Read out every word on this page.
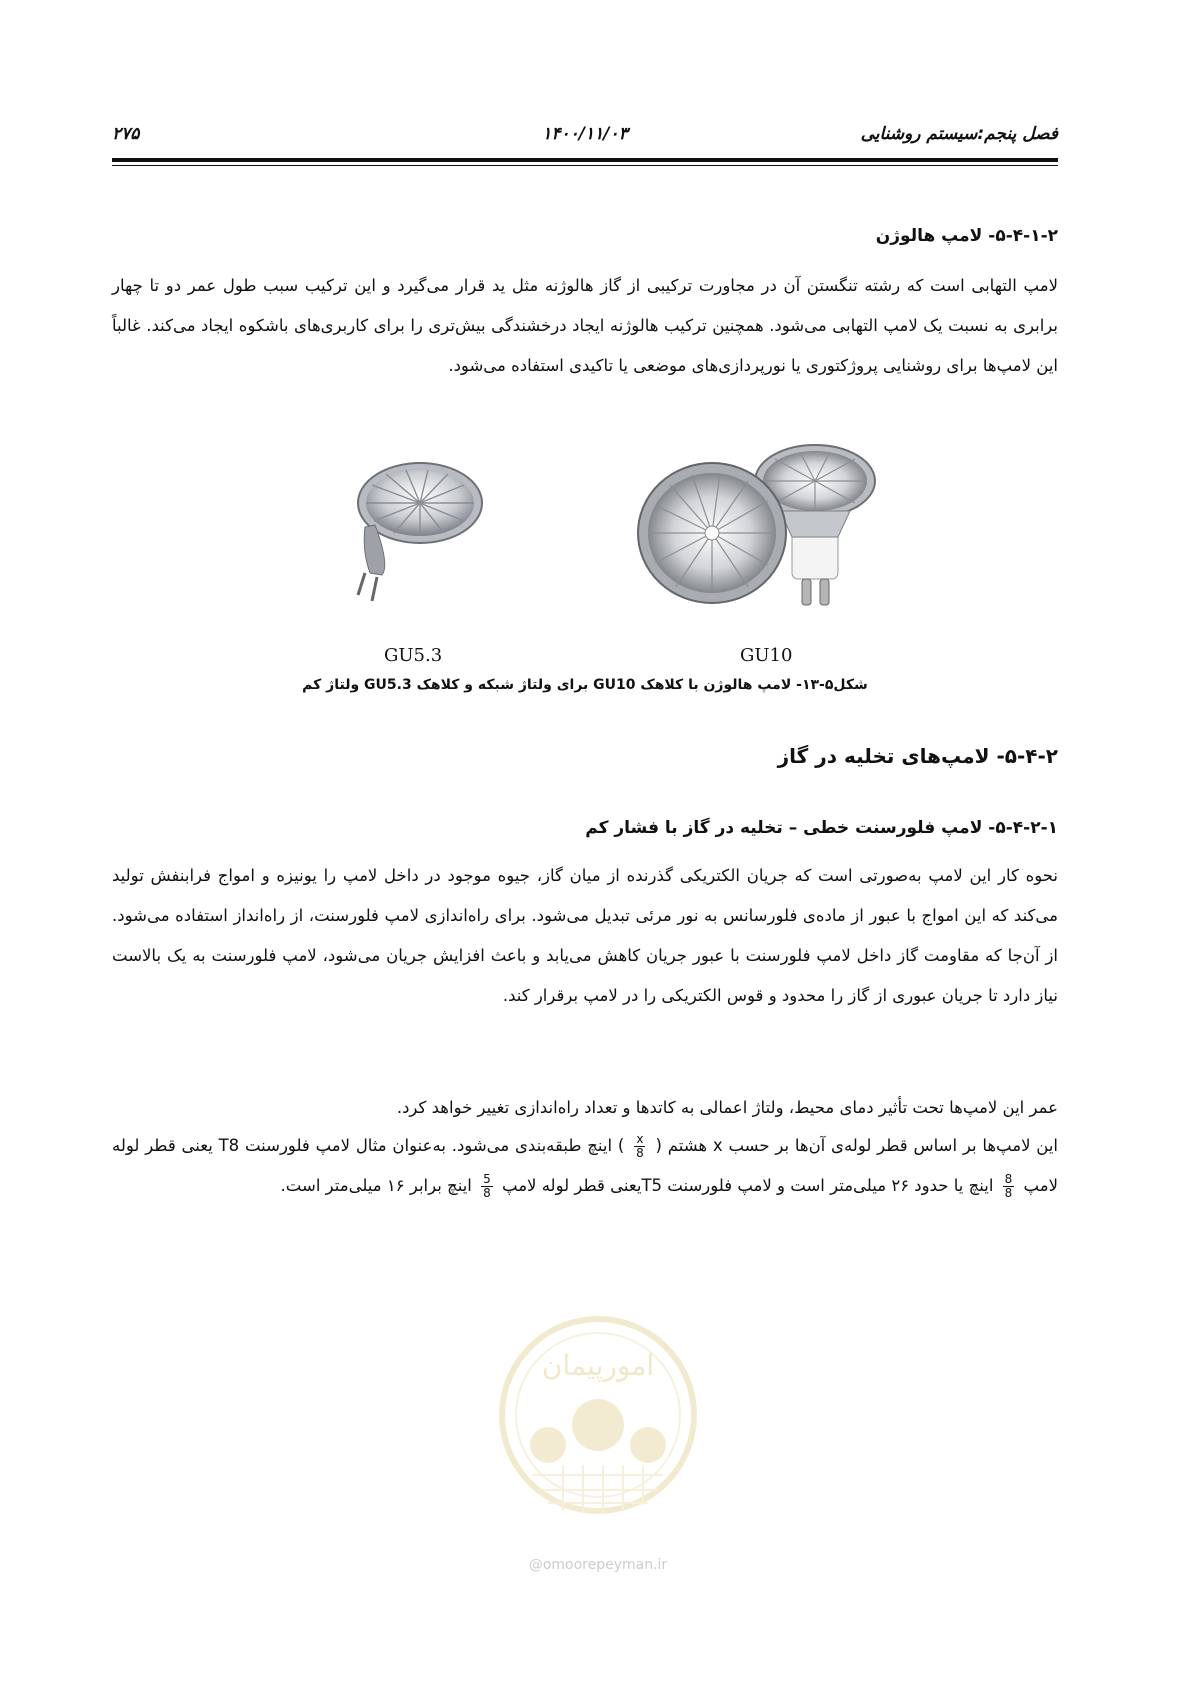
فصل پنجم:سیستم روشنایی
۱۴۰۰/۱۱/۰۳
۲۷۵
۵-۴-۱-۲- لامپ هالوژن
لامپ التهابی است که رشته تنگستن آن در مجاورت ترکیبی از گاز هالوژنه مثل ید قرار می‌گیرد و این ترکیب سبب طول عمر دو تا چهار برابری به نسبت یک لامپ التهابی می‌شود. همچنین ترکیب هالوژنه ایجاد درخشندگی بیش‌تری را برای کاربری‌های باشکوه ایجاد می‌کند. غالباً این لامپ‌ها برای روشنایی پروژکتوری یا نورپردازی‌های موضعی یا تاکیدی استفاده می‌شود.
GU5.3	GU10
شکل۵-۱۳- لامپ هالوژن با کلاهک GU10 برای ولتاژ شبکه و کلاهک GU5.3 ولتاژ کم
۵-۴-۲- لامپ‌های تخلیه در گاز
۵-۴-۲-۱- لامپ فلورسنت خطی – تخلیه در گاز با فشار کم
نحوه کار این لامپ به‌صورتی است که جریان الکتریکی گذرنده از میان گاز، جیوه موجود در داخل لامپ را یونیزه و امواج فرابنفش تولید می‌کند که این امواج با عبور از ماده‌ی فلورسانس به نور مرئی تبدیل می‌شود. برای راه‌اندازی لامپ فلورسنت، از راه‌انداز استفاده می‌شود. از آن‌جا که مقاومت گاز داخل لامپ فلورسنت با عبور جریان کاهش می‌یابد و باعث افزایش جریان می‌شود، لامپ فلورسنت به یک بالاست نیاز دارد تا جریان عبوری از گاز را محدود و قوس الکتریکی را در لامپ برقرار کند.
عمر این لامپ‌ها تحت تأثیر دمای محیط، ولتاژ اعمالی به کاتدها و تعداد راه‌اندازی تغییر خواهد کرد.
این لامپ‌ها بر اساس قطر لوله‌ی آن‌ها بر حسب x هشتم (
$\frac{x}{8}$
) اینچ طبقه‌بندی می‌شود. به‌عنوان مثال لامپ فلورسنت T8 یعنی قطر لوله لامپ
$\frac{8}{8}$
اینچ یا حدود ۲۶ میلی‌متر است و لامپ فلورسنت T5یعنی قطر لوله لامپ
$\frac{5}{8}$
اینچ برابر ۱۶ میلی‌متر است.
امورپیمان
@omoorepeyman.ir
